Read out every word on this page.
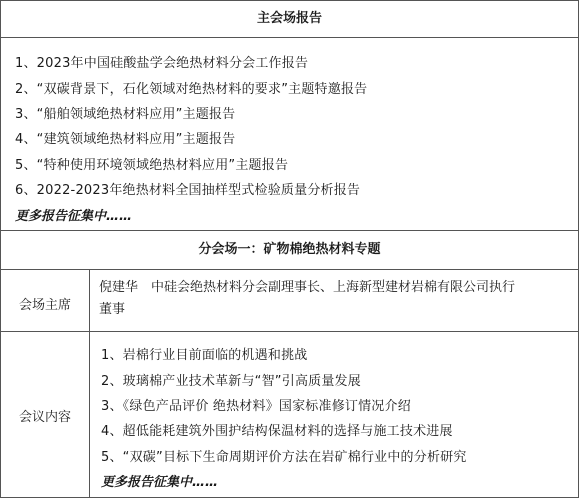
主会场报告
1、2023年中国硅酸盐学会绝热材料分会工作报告
2、“双碳背景下，石化领域对绝热材料的要求”主题特邀报告
3、“船舶领域绝热材料应用”主题报告
4、“建筑领域绝热材料应用”主题报告
5、“特种使用环境领域绝热材料应用”主题报告
6、2022-2023年绝热材料全国抽样型式检验质量分析报告
更多报告征集中……
分会场一：矿物棉绝热材料专题
会场主席
倪建华　中硅会绝热材料分会副理事长、上海新型建材岩棉有限公司执行
董事
会议内容
1、岩棉行业目前面临的机遇和挑战
2、玻璃棉产业技术革新与“智”引高质量发展
3、《绿色产品评价 绝热材料》国家标准修订情况介绍
4、超低能耗建筑外围护结构保温材料的选择与施工技术进展
5、“双碳”目标下生命周期评价方法在岩矿棉行业中的分析研究
更多报告征集中……
